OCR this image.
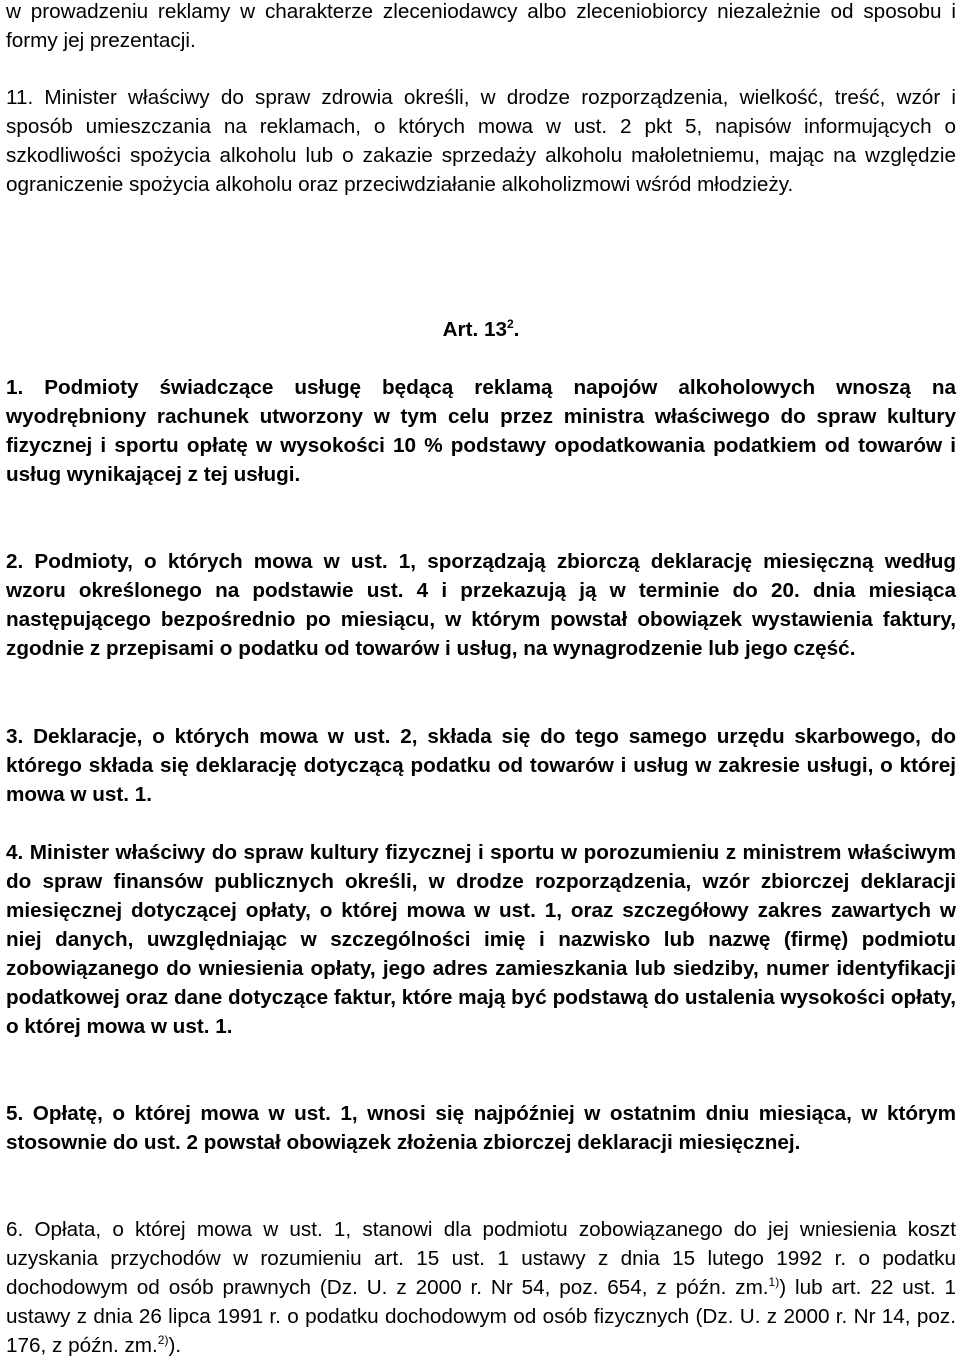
w prowadzeniu reklamy w charakterze zleceniodawcy albo zleceniobiorcy niezależnie od sposobu i formy jej prezentacji.

11. Minister właściwy do spraw zdrowia określi, w drodze rozporządzenia, wielkość, treść, wzór i sposób umieszczania na reklamach, o których mowa w ust. 2 pkt 5, napisów informujących o szkodliwości spożycia alkoholu lub o zakazie sprzedaży alkoholu małoletniemu, mając na względzie ograniczenie spożycia alkoholu oraz przeciwdziałanie alkoholizmowi wśród młodzieży.

Art. $13^2$.

1. Podmioty świadczące usługę będącą reklamą napojów alkoholowych wnoszą na wyodrębniony rachunek utworzony w tym celu przez ministra właściwego do spraw kultury fizycznej i sportu opłatę w wysokości 10 % podstawy opodatkowania podatkiem od towarów i usług wynikającej z tej usługi.

2. Podmioty, o których mowa w ust. 1, sporządzają zbiorczą deklarację miesięczną według wzoru określonego na podstawie ust. 4 i przekazują ją w terminie do 20. dnia miesiąca następującego bezpośrednio po miesiącu, w którym powstał obowiązek wystawienia faktury, zgodnie z przepisami o podatku od towarów i usług, na wynagrodzenie lub jego część.

3. Deklaracje, o których mowa w ust. 2, składa się do tego samego urzędu skarbowego, do którego składa się deklarację dotyczącą podatku od towarów i usług w zakresie usługi, o której mowa w ust. 1.

4. Minister właściwy do spraw kultury fizycznej i sportu w porozumieniu z ministrem właściwym do spraw finansów publicznych określi, w drodze rozporządzenia, wzór zbiorczej deklaracji miesięcznej dotyczącej opłaty, o której mowa w ust. 1, oraz szczegółowy zakres zawartych w niej danych, uwzględniając w szczególności imię i nazwisko lub nazwę (firmę) podmiotu zobowiązanego do wniesienia opłaty, jego adres zamieszkania lub siedziby, numer identyfikacji podatkowej oraz dane dotyczące faktur, które mają być podstawą do ustalenia wysokości opłaty, o której mowa w ust. 1.

5. Opłatę, o której mowa w ust. 1, wnosi się najpóźniej w ostatnim dniu miesiąca, w którym stosownie do ust. 2 powstał obowiązek złożenia zbiorczej deklaracji miesięcznej.

6. Opłata, o której mowa w ust. 1, stanowi dla podmiotu zobowiązanego do jej wniesienia koszt uzyskania przychodów w rozumieniu art. 15 ust. 1 ustawy z dnia 15 lutego 1992 r. o podatku dochodowym od osób prawnych (Dz. U. z 2000 r. Nr 54, poz. 654, z późn. zm.$^{1)}$) lub art. 22 ust. 1 ustawy z dnia 26 lipca 1991 r. o podatku dochodowym od osób fizycznych (Dz. U. z 2000 r. Nr 14, poz. 176, z późn. zm.$^{2)}$).
